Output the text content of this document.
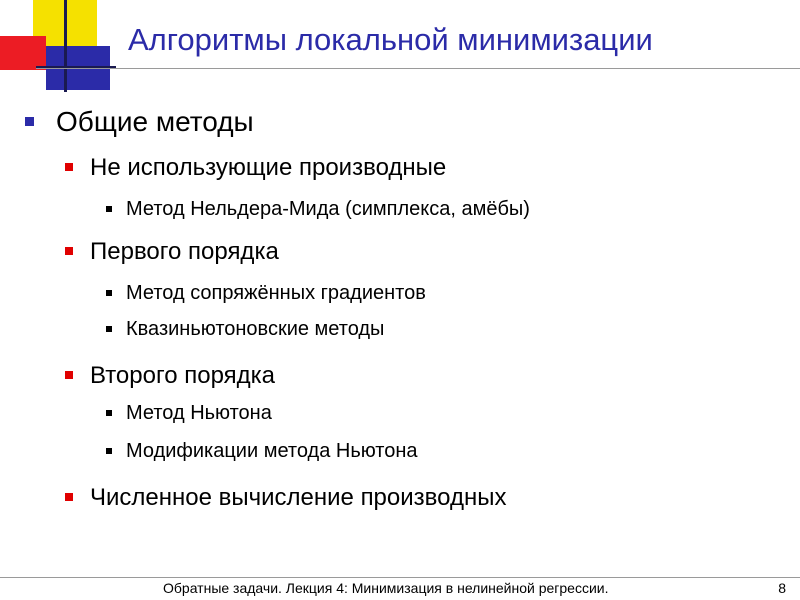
Алгоритмы локальной минимизации
Общие методы
Не использующие производные
Метод Нельдера-Мида (симплекса, амёбы)
Первого порядка
Метод сопряжённых градиентов
Квазиньютоновские методы
Второго порядка
Метод Ньютона
Модификации метода Ньютона
Численное вычисление производных
Обратные задачи. Лекция 4: Минимизация в нелинейной регрессии.	8
